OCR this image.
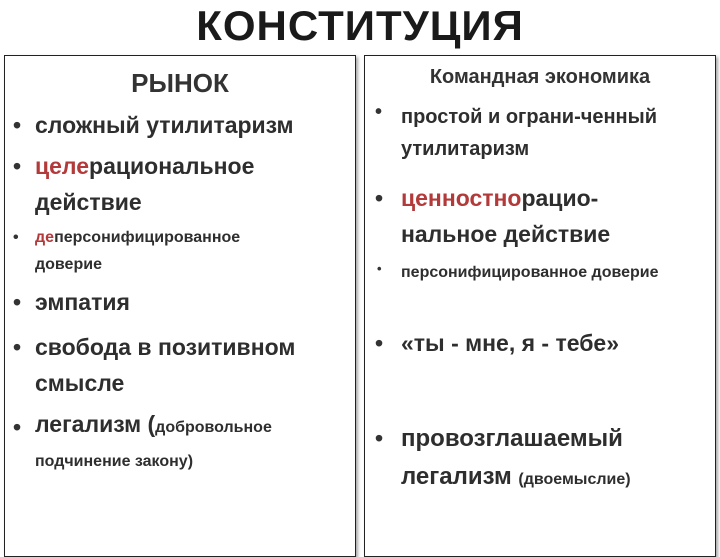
КОНСТИТУЦИЯ
РЫНОК
• сложный утилитаризм
• целерациональное действие
• деперсонифицированное доверие
• эмпатия
• свобода в позитивном смысле
• легализм (добровольное подчинение закону)
Командная экономика
• простой и ограни-ченный утилитаризм
• ценностнорацио-нальное действие
• персонифицированное доверие
• «ты - мне, я - тебе»
• провозглашаемый легализм (двоемыслие)
